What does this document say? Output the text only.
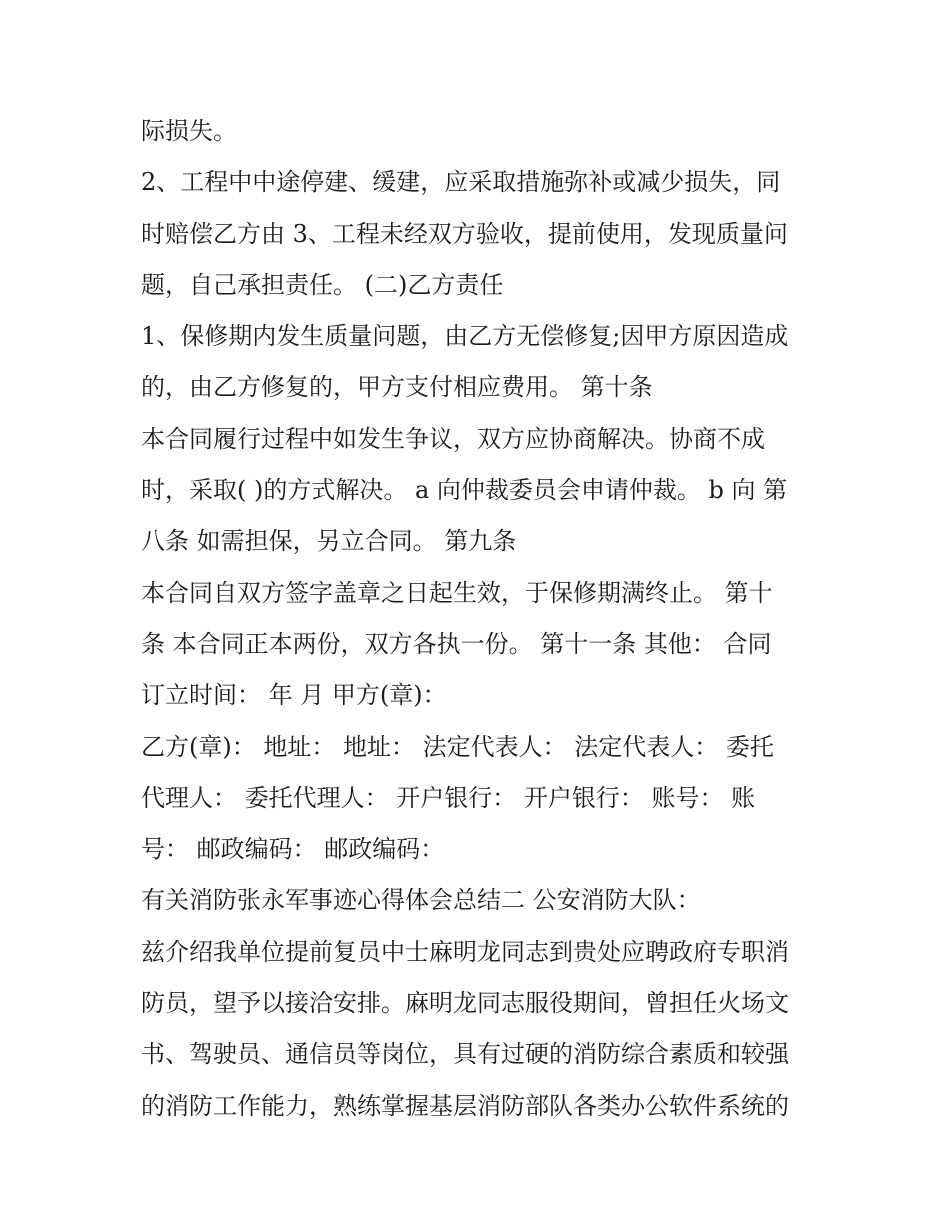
际损失。

2、工程中中途停建、缓建，应采取措施弥补或减少损失，同

时赔偿乙方由 3、工程未经双方验收，提前使用，发现质量问

题，自己承担责任。 (二)乙方责任

1、保修期内发生质量问题，由乙方无偿修复;因甲方原因造成

的，由乙方修复的，甲方支付相应费用。 第十条

本合同履行过程中如发生争议，双方应协商解决。协商不成

时，采取( )的方式解决。 a 向仲裁委员会申请仲裁。 b 向 第

八条 如需担保，另立合同。 第九条

本合同自双方签字盖章之日起生效，于保修期满终止。 第十

条 本合同正本两份，双方各执一份。 第十一条 其他： 合同

订立时间： 年 月 甲方(章)：

乙方(章)： 地址： 地址： 法定代表人： 法定代表人： 委托

代理人： 委托代理人： 开户银行： 开户银行： 账号： 账

号： 邮政编码： 邮政编码：

有关消防张永军事迹心得体会总结二 公安消防大队：

兹介绍我单位提前复员中士麻明龙同志到贵处应聘政府专职消

防员，望予以接洽安排。麻明龙同志服役期间，曾担任火场文

书、驾驶员、通信员等岗位，具有过硬的消防综合素质和较强

的消防工作能力，熟练掌握基层消防部队各类办公软件系统的
